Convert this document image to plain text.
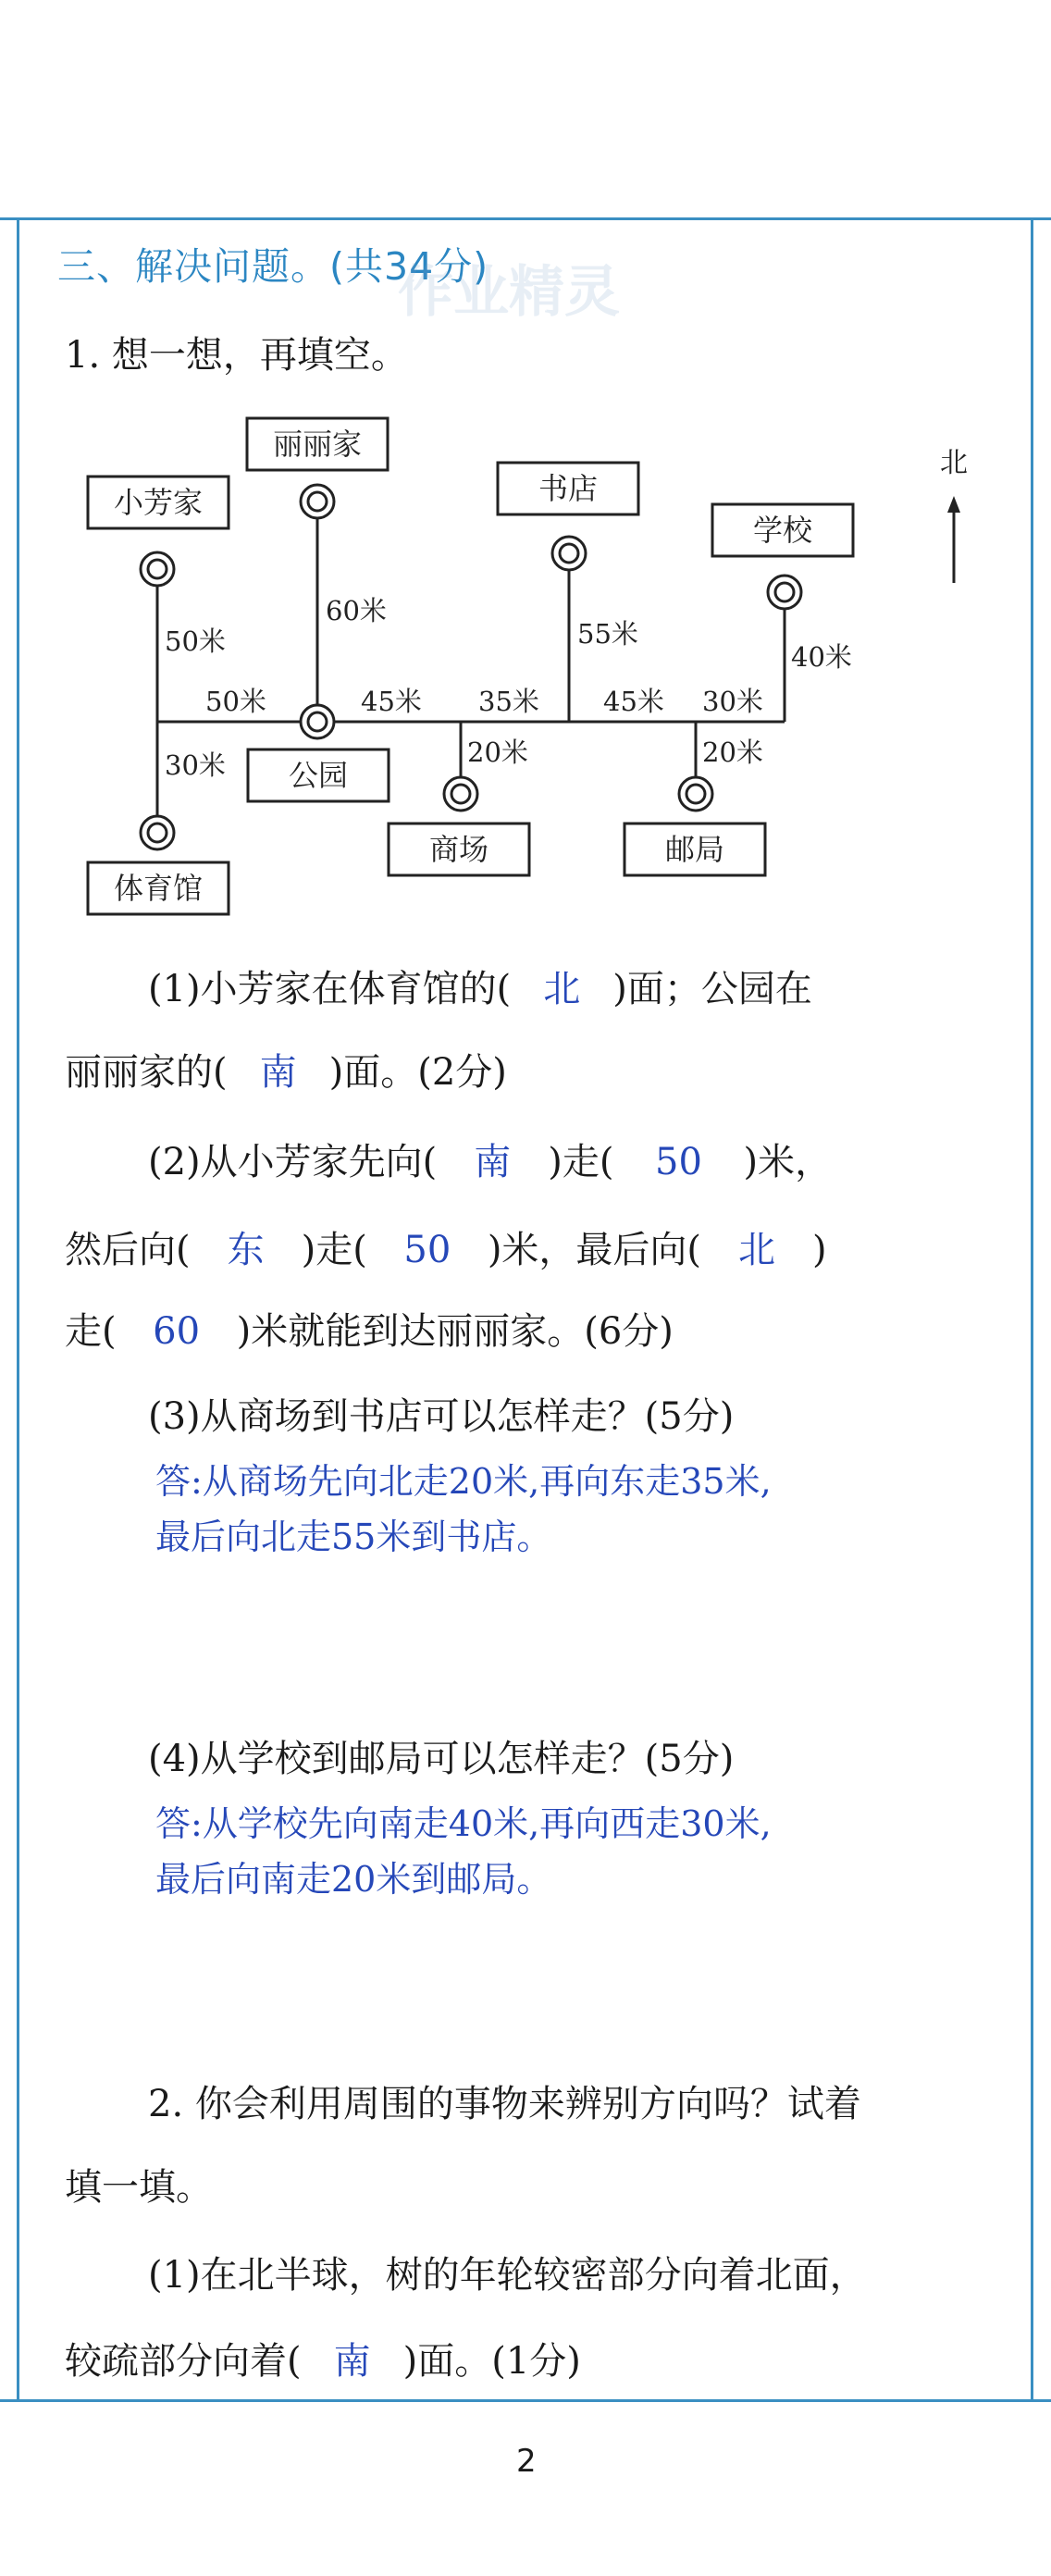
三、解决问题。(共34分)
作业精灵
1. 想一想，再填空。
小芳家
丽丽家
书店
学校
公园
商场	邮局
体育馆
50米
30米
50米
60米
45米 35米
20米
55米
45米 30米
20米
40米
北
(1)小芳家在体育馆的( 北 )面；公园在
丽丽家的( 南 )面。(2分)
(2)从小芳家先向( 南 )走( 50 )米，
然后向( 东 )走( 50 )米，最后向( 北 )
走( 60 )米就能到达丽丽家。(6分)
(3)从商场到书店可以怎样走？(5分)
答:从商场先向北走20米,再向东走35米,
最后向北走55米到书店。
(4)从学校到邮局可以怎样走？(5分)
答:从学校先向南走40米,再向西走30米,
最后向南走20米到邮局。
2. 你会利用周围的事物来辨别方向吗？试着
填一填。
(1)在北半球，树的年轮较密部分向着北面，
较疏部分向着( 南 )面。(1分)
2
